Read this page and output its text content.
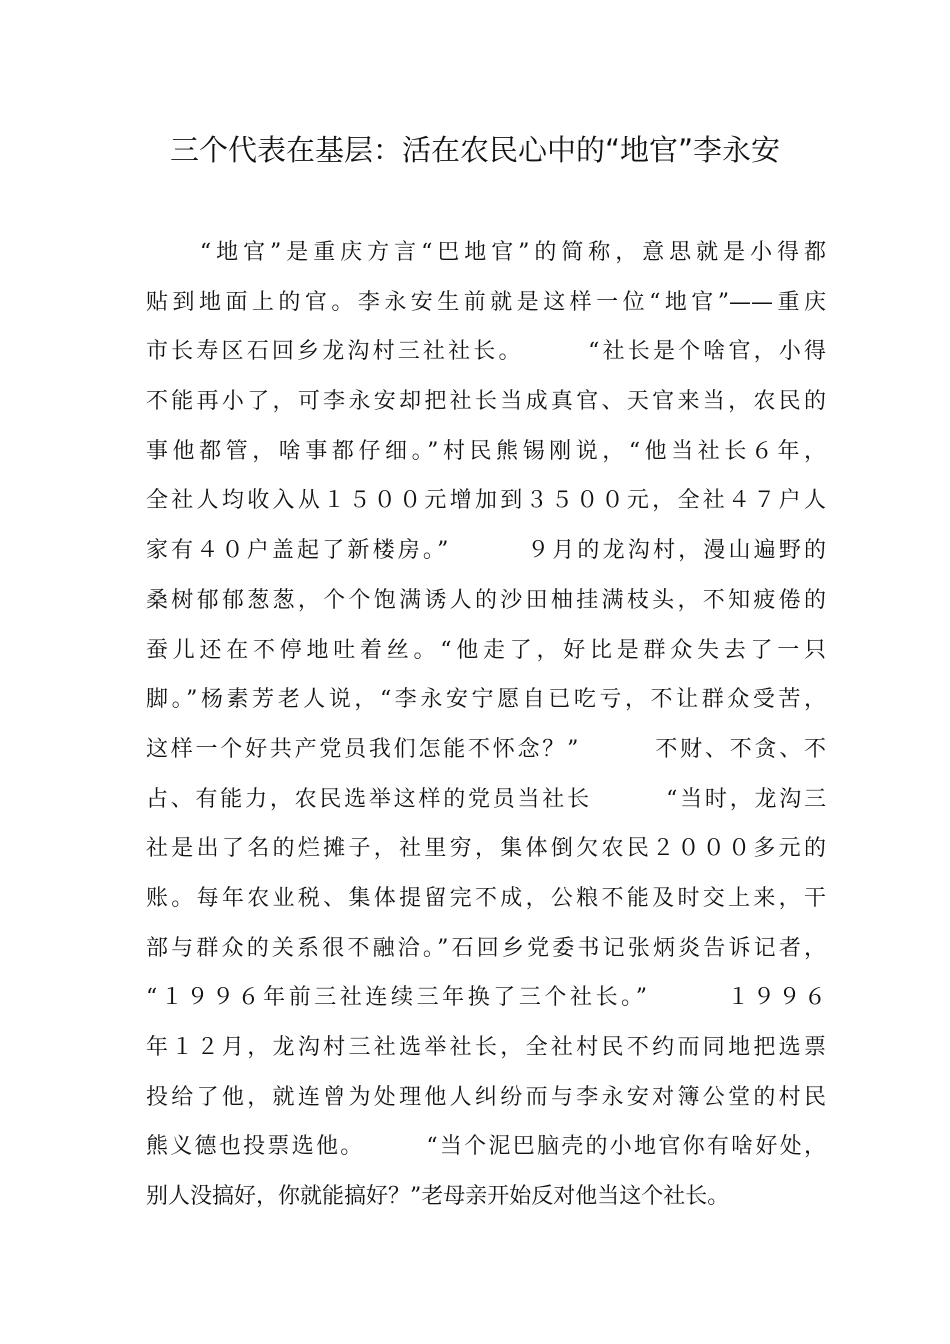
三个代表在基层：活在农民心中的“地官”李永安
　　“地官”是重庆方言“巴地官”的简称，意思就是小得都
贴到地面上的官。李永安生前就是这样一位“地官”——重庆
市长寿区石回乡龙沟村三社社长。　　　“社长是个啥官，小得
不能再小了，可李永安却把社长当成真官、天官来当，农民的
事他都管，啥事都仔细。”村民熊锡刚说，“他当社长６年，
全社人均收入从１５００元增加到３５００元，全社４７户人
家有４０户盖起了新楼房。”　　　９月的龙沟村，漫山遍野的
桑树郁郁葱葱，个个饱满诱人的沙田柚挂满枝头，不知疲倦的
蚕儿还在不停地吐着丝。“他走了，好比是群众失去了一只
脚。”杨素芳老人说，“李永安宁愿自已吃亏，不让群众受苦，
这样一个好共产党员我们怎能不怀念？”　　　不财、不贪、不
占、有能力，农民选举这样的党员当社长　　　“当时，龙沟三
社是出了名的烂摊子，社里穷，集体倒欠农民２０００多元的
账。每年农业税、集体提留完不成，公粮不能及时交上来，干
部与群众的关系很不融洽。”石回乡党委书记张炳炎告诉记者，
“１９９６年前三社连续三年换了三个社长。”　　　１９９６
年１２月，龙沟村三社选举社长，全社村民不约而同地把选票
投给了他，就连曾为处理他人纠纷而与李永安对簿公堂的村民
熊义德也投票选他。　　　“当个泥巴脑壳的小地官你有啥好处，
别人没搞好，你就能搞好？”老母亲开始反对他当这个社长。
